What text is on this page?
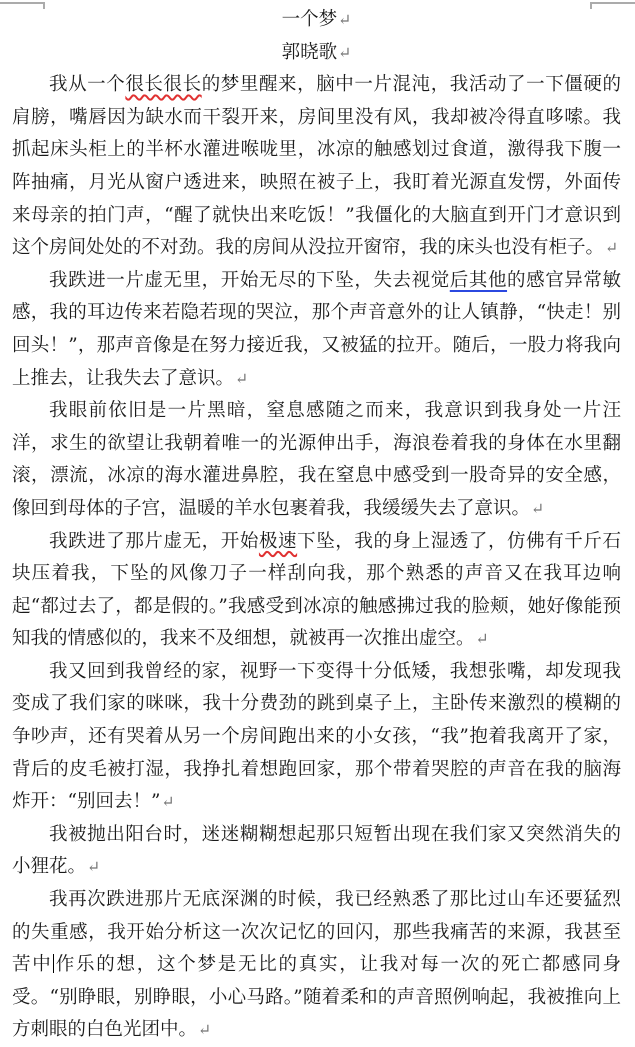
一个梦↵
郭晓歌↵

我从一个很长很长的梦里醒来，脑中一片混沌，我活动了一下僵硬的肩膀，嘴唇因为缺水而干裂开来，房间里没有风，我却被冷得直哆嗦。我抓起床头柜上的半杯水灌进喉咙里，冰凉的触感划过食道，激得我下腹一阵抽痛，月光从窗户透进来，映照在被子上，我盯着光源直发愣，外面传来母亲的拍门声，“醒了就快出来吃饭！”我僵化的大脑直到开门才意识到这个房间处处的不对劲。我的房间从没拉开窗帘，我的床头也没有柜子。↵

我跌进一片虚无里，开始无尽的下坠，失去视觉后其他的感官异常敏感，我的耳边传来若隐若现的哭泣，那个声音意外的让人镇静，“快走！别回头！”，那声音像是在努力接近我，又被猛的拉开。随后，一股力将我向上推去，让我失去了意识。↵

我眼前依旧是一片黑暗，窒息感随之而来，我意识到我身处一片汪洋，求生的欲望让我朝着唯一的光源伸出手，海浪卷着我的身体在水里翻滚，漂流，冰凉的海水灌进鼻腔，我在窒息中感受到一股奇异的安全感，像回到母体的子宫，温暖的羊水包裹着我，我缓缓失去了意识。↵

我跌进了那片虚无，开始极速下坠，我的身上湿透了，仿佛有千斤石块压着我，下坠的风像刀子一样刮向我，那个熟悉的声音又在我耳边响起“都过去了，都是假的。”我感受到冰凉的触感拂过我的脸颊，她好像能预知我的情感似的，我来不及细想，就被再一次推出虚空。↵

我又回到我曾经的家，视野一下变得十分低矮，我想张嘴，却发现我变成了我们家的咪咪，我十分费劲的跳到桌子上，主卧传来激烈的模糊的争吵声，还有哭着从另一个房间跑出来的小女孩，“我”抱着我离开了家，背后的皮毛被打湿，我挣扎着想跑回家，那个带着哭腔的声音在我的脑海炸开：“别回去！”↵

我被抛出阳台时，迷迷糊糊想起那只短暂出现在我们家又突然消失的小狸花。↵

我再次跌进那片无底深渊的时候，我已经熟悉了那比过山车还要猛烈的失重感，我开始分析这一次次记忆的回闪，那些我痛苦的来源，我甚至苦中作乐的想，这个梦是无比的真实，让我对每一次的死亡都感同身受。“别睁眼，别睁眼，小心马路。”随着柔和的声音照例响起，我被推向上方刺眼的白色光团中。↵
